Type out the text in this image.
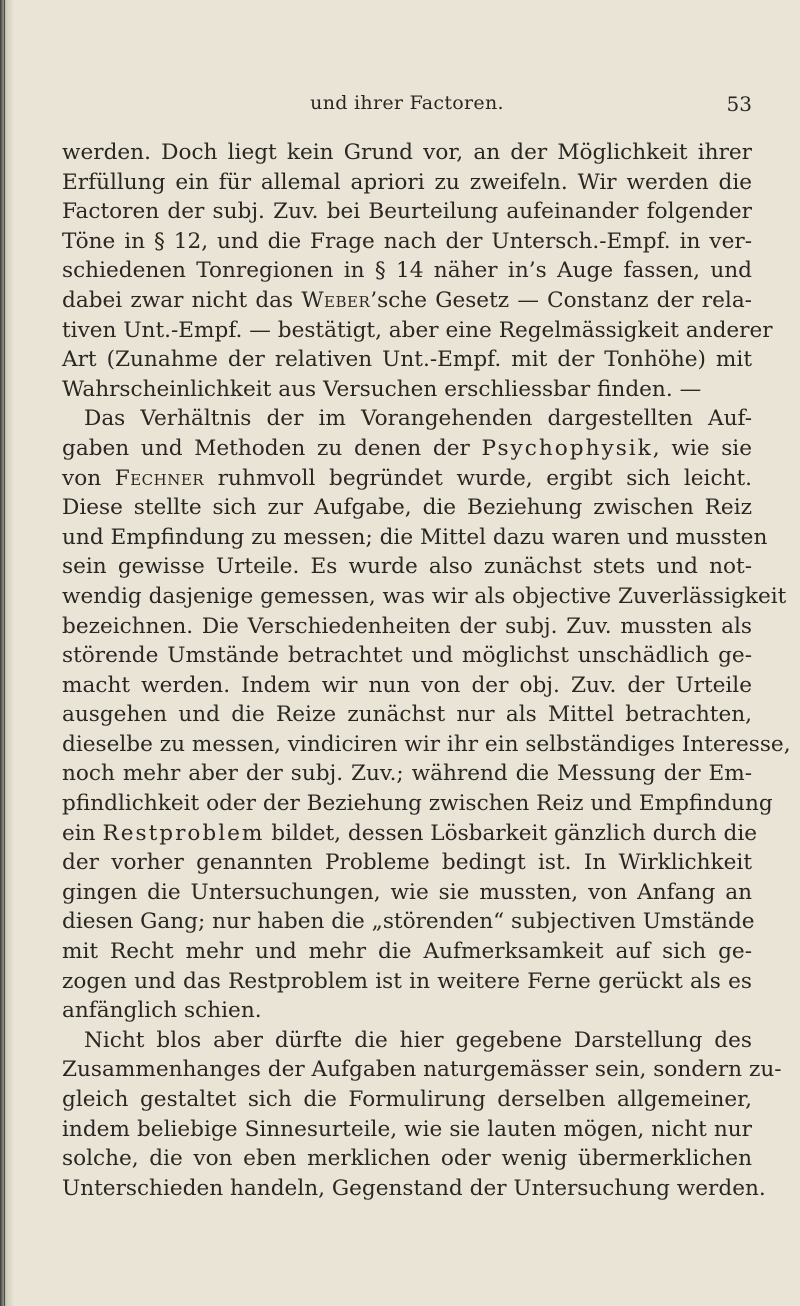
und ihrer Factoren.	53
werden. Doch liegt kein Grund vor, an der Möglichkeit ihrer
Erfüllung ein für allemal apriori zu zweifeln. Wir werden die
Factoren der subj. Zuv. bei Beurteilung aufeinander folgender
Töne in § 12, und die Frage nach der Untersch.-Empf. in ver-
schiedenen Tonregionen in § 14 näher in’s Auge fassen, und
dabei zwar nicht das Weber’sche Gesetz — Constanz der rela-
tiven Unt.-Empf. — bestätigt, aber eine Regelmässigkeit anderer
Art (Zunahme der relativen Unt.-Empf. mit der Tonhöhe) mit
Wahrscheinlichkeit aus Versuchen erschliessbar finden. —
Das Verhältnis der im Vorangehenden dargestellten Auf-
gaben und Methoden zu denen der Psychophysik, wie sie
von Fechner ruhmvoll begründet wurde, ergibt sich leicht.
Diese stellte sich zur Aufgabe, die Beziehung zwischen Reiz
und Empfindung zu messen; die Mittel dazu waren und mussten
sein gewisse Urteile. Es wurde also zunächst stets und not-
wendig dasjenige gemessen, was wir als objective Zuverlässigkeit
bezeichnen. Die Verschiedenheiten der subj. Zuv. mussten als
störende Umstände betrachtet und möglichst unschädlich ge-
macht werden. Indem wir nun von der obj. Zuv. der Urteile
ausgehen und die Reize zunächst nur als Mittel betrachten,
dieselbe zu messen, vindiciren wir ihr ein selbständiges Interesse,
noch mehr aber der subj. Zuv.; während die Messung der Em-
pfindlichkeit oder der Beziehung zwischen Reiz und Empfindung
ein Restproblem bildet, dessen Lösbarkeit gänzlich durch die
der vorher genannten Probleme bedingt ist. In Wirklichkeit
gingen die Untersuchungen, wie sie mussten, von Anfang an
diesen Gang; nur haben die „störenden“ subjectiven Umstände
mit Recht mehr und mehr die Aufmerksamkeit auf sich ge-
zogen und das Restproblem ist in weitere Ferne gerückt als es
anfänglich schien.
Nicht blos aber dürfte die hier gegebene Darstellung des
Zusammenhanges der Aufgaben naturgemässer sein, sondern zu-
gleich gestaltet sich die Formulirung derselben allgemeiner,
indem beliebige Sinnesurteile, wie sie lauten mögen, nicht nur
solche, die von eben merklichen oder wenig übermerklichen
Unterschieden handeln, Gegenstand der Untersuchung werden.
